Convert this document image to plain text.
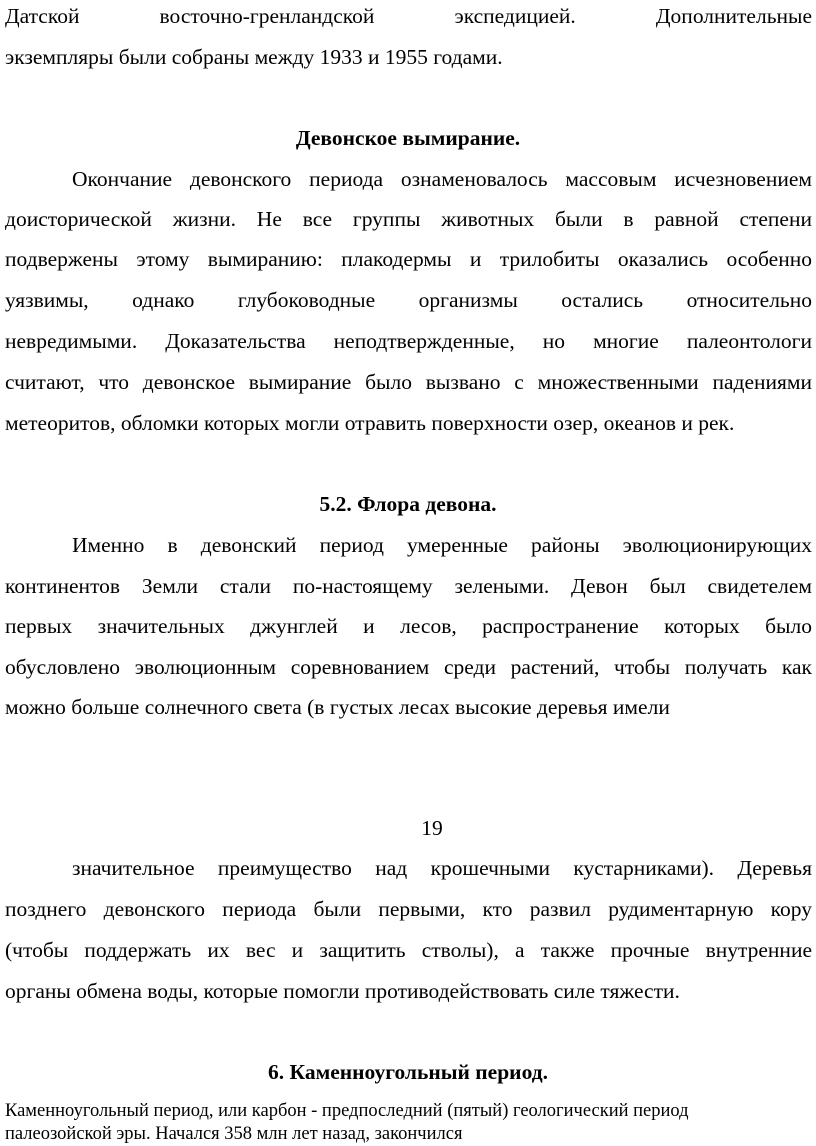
Датской восточно-гренландской экспедицией. Дополнительные
экземпляры были собраны между 1933 и 1955 годами.
Девонское вымирание.
Окончание девонского периода ознаменовалось массовым исчезновением
доисторической жизни. Не все группы животных были в равной степени
подвержены этому вымиранию: плакодермы и трилобиты оказались особенно
уязвимы, однако глубоководные организмы остались относительно
невредимыми. Доказательства неподтвержденные, но многие палеонтологи
считают, что девонское вымирание было вызвано с множественными падениями
метеоритов, обломки которых могли отравить поверхности озер, океанов и рек.
5.2. Флора девона.
Именно в девонский период умеренные районы эволюционирующих
континентов Земли стали по-настоящему зелеными. Девон был свидетелем
первых значительных джунглей и лесов, распространение которых было
обусловлено эволюционным соревнованием среди растений, чтобы получать как
можно больше солнечного света (в густых лесах высокие деревья имели
19
значительное преимущество над крошечными кустарниками). Деревья
позднего девонского периода были первыми, кто развил рудиментарную кору
(чтобы поддержать их вес и защитить стволы), а также прочные внутренние
органы обмена воды, которые помогли противодействовать силе тяжести.
6. Каменноугольный период.
Каменноугольный период, или карбон - предпоследний (пятый) геологический период
палеозойской эры. Начался 358 млн лет назад, закончился
